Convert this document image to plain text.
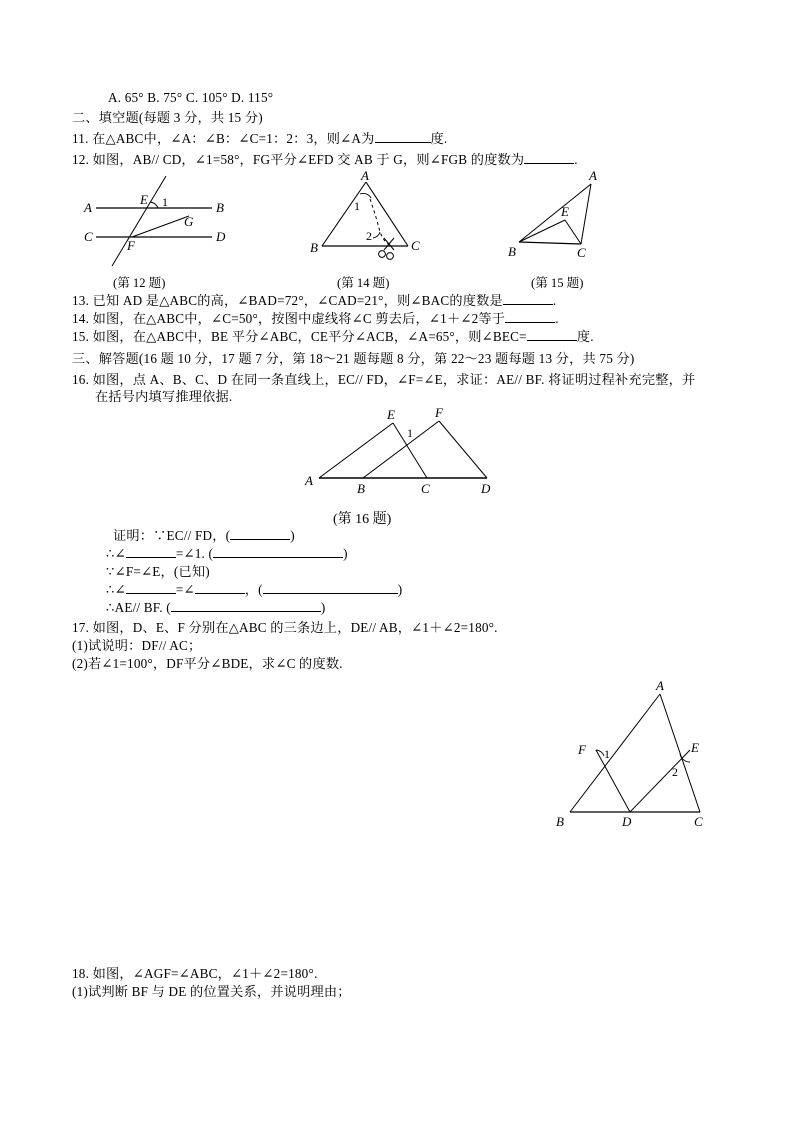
A. 65° B. 75° C. 105° D. 115°
二、填空题(每题 3 分，共 15 分)
11. 在△ABC中，∠A：∠B：∠C=1：2：3，则∠A为	度.
12. 如图，AB// CD，∠1=58°，FG平分∠EFD 交 AB 于 G，则∠FGB 的度数为	.
A	B
C	D
E
F
G
1
(第 12 题)
A
B	C
1
2
(第 14 题)
A
B	C
E
(第 15 题)
13. 已知 AD 是△ABC的高，∠BAD=72°，∠CAD=21°，则∠BAC的度数是	.
14. 如图，在△ABC中，∠C=50°，按图中虚线将∠C 剪去后，∠1＋∠2等于	.
15. 如图，在△ABC中，BE 平分∠ABC，CE平分∠ACB，∠A=65°，则∠BEC=	度.
三、解答题(16 题 10 分，17 题 7 分，第 18～21 题每题 8 分，第 22～23 题每题 13 分，共 75 分)
16. 如图，点 A、B、C、D 在同一条直线上，EC// FD，∠F=∠E，求证：AE// BF. 将证明过程补充完整，并
在括号内填写推理依据.
A
B	C	D
E	F
1
(第 16 题)
证明：∵EC// FD，(	)
∴∠	=∠1. (	)
∵∠F=∠E，(已知)
∴∠	=∠	，(	)
∴AE// BF. (	)
17. 如图，D、E、F 分别在△ABC 的三条边上，DE// AB，∠1＋∠2=180°.
(1)试说明：DF// AC；
(2)若∠1=100°，DF平分∠BDE，求∠C 的度数.
A
B	D	C
F	E
1
2
18. 如图，∠AGF=∠ABC，∠1＋∠2=180°.
(1)试判断 BF 与 DE 的位置关系，并说明理由；
